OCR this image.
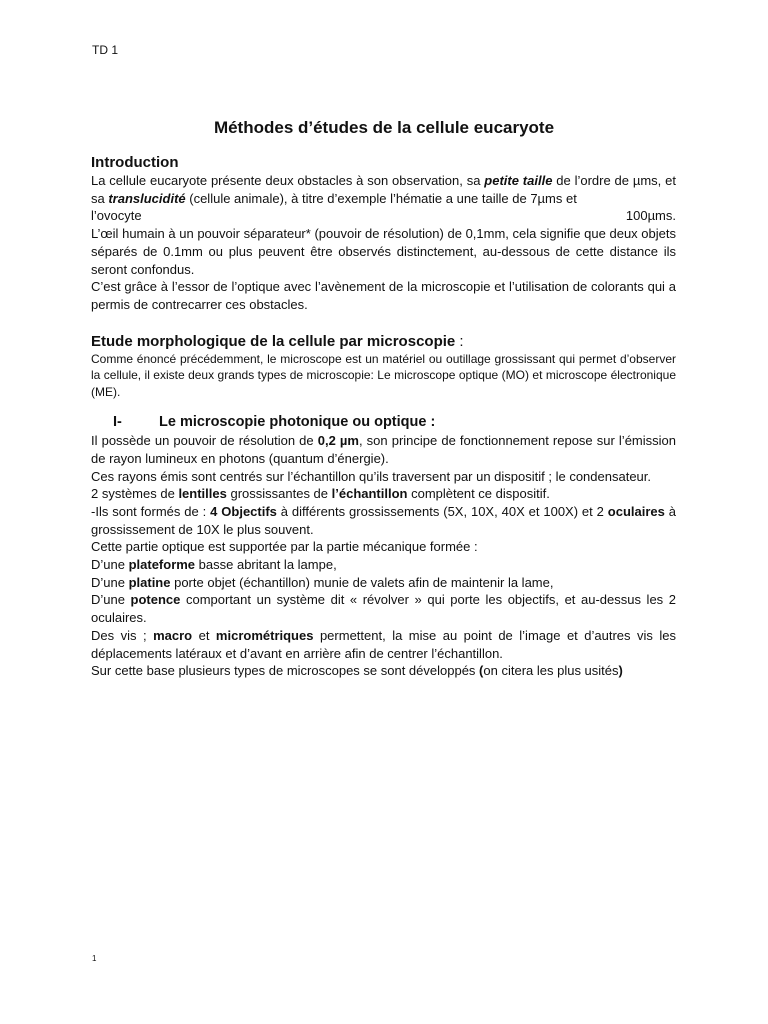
TD 1
Méthodes d’études de la cellule eucaryote
Introduction

La cellule eucaryote présente deux obstacles à son observation, sa petite taille de l’ordre de µms, et sa translucidité (cellule animale), à titre d’exemple l’hématie a une taille de 7µms et

l’ovocyte	100µms.

L’œil humain à un pouvoir séparateur* (pouvoir de résolution) de 0,1mm, cela signifie que deux objets séparés de 0.1mm ou plus peuvent être observés distinctement, au-dessous de cette distance ils seront confondus.

C’est grâce à l’essor de l’optique avec l’avènement de la microscopie et l’utilisation de colorants qui a permis de contrecarrer ces obstacles.

Etude morphologique de la cellule par microscopie :

Comme énoncé précédemment, le microscope est un matériel ou outillage grossissant qui permet d’observer la cellule, il existe deux grands types de microscopie: Le microscope optique (MO) et microscope électronique (ME).

I-	Le microscopie photonique ou optique :

Il possède un pouvoir de résolution de 0,2 µm, son principe de fonctionnement repose sur l’émission de rayon lumineux en photons (quantum d’énergie).

Ces rayons émis sont centrés sur l’échantillon qu’ils traversent par un dispositif ; le condensateur.

2 systèmes de lentilles grossissantes de l’échantillon complètent ce dispositif.

-Ils sont formés de : 4 Objectifs à différents grossissements (5X, 10X, 40X et 100X) et 2 oculaires à grossissement de 10X le plus souvent.

Cette partie optique est supportée par la partie mécanique formée :

D’une plateforme basse abritant la lampe,

D’une platine porte objet (échantillon) munie de valets afin de maintenir la lame,

D’une potence comportant un système dit « révolver » qui porte les objectifs, et au-dessus les 2 oculaires.

Des vis ; macro et micrométriques permettent, la mise au point de l’image et d’autres vis les déplacements latéraux et d’avant en arrière afin de centrer l’échantillon.

Sur cette base plusieurs types de microscopes se sont développés (on citera les plus usités)

1
